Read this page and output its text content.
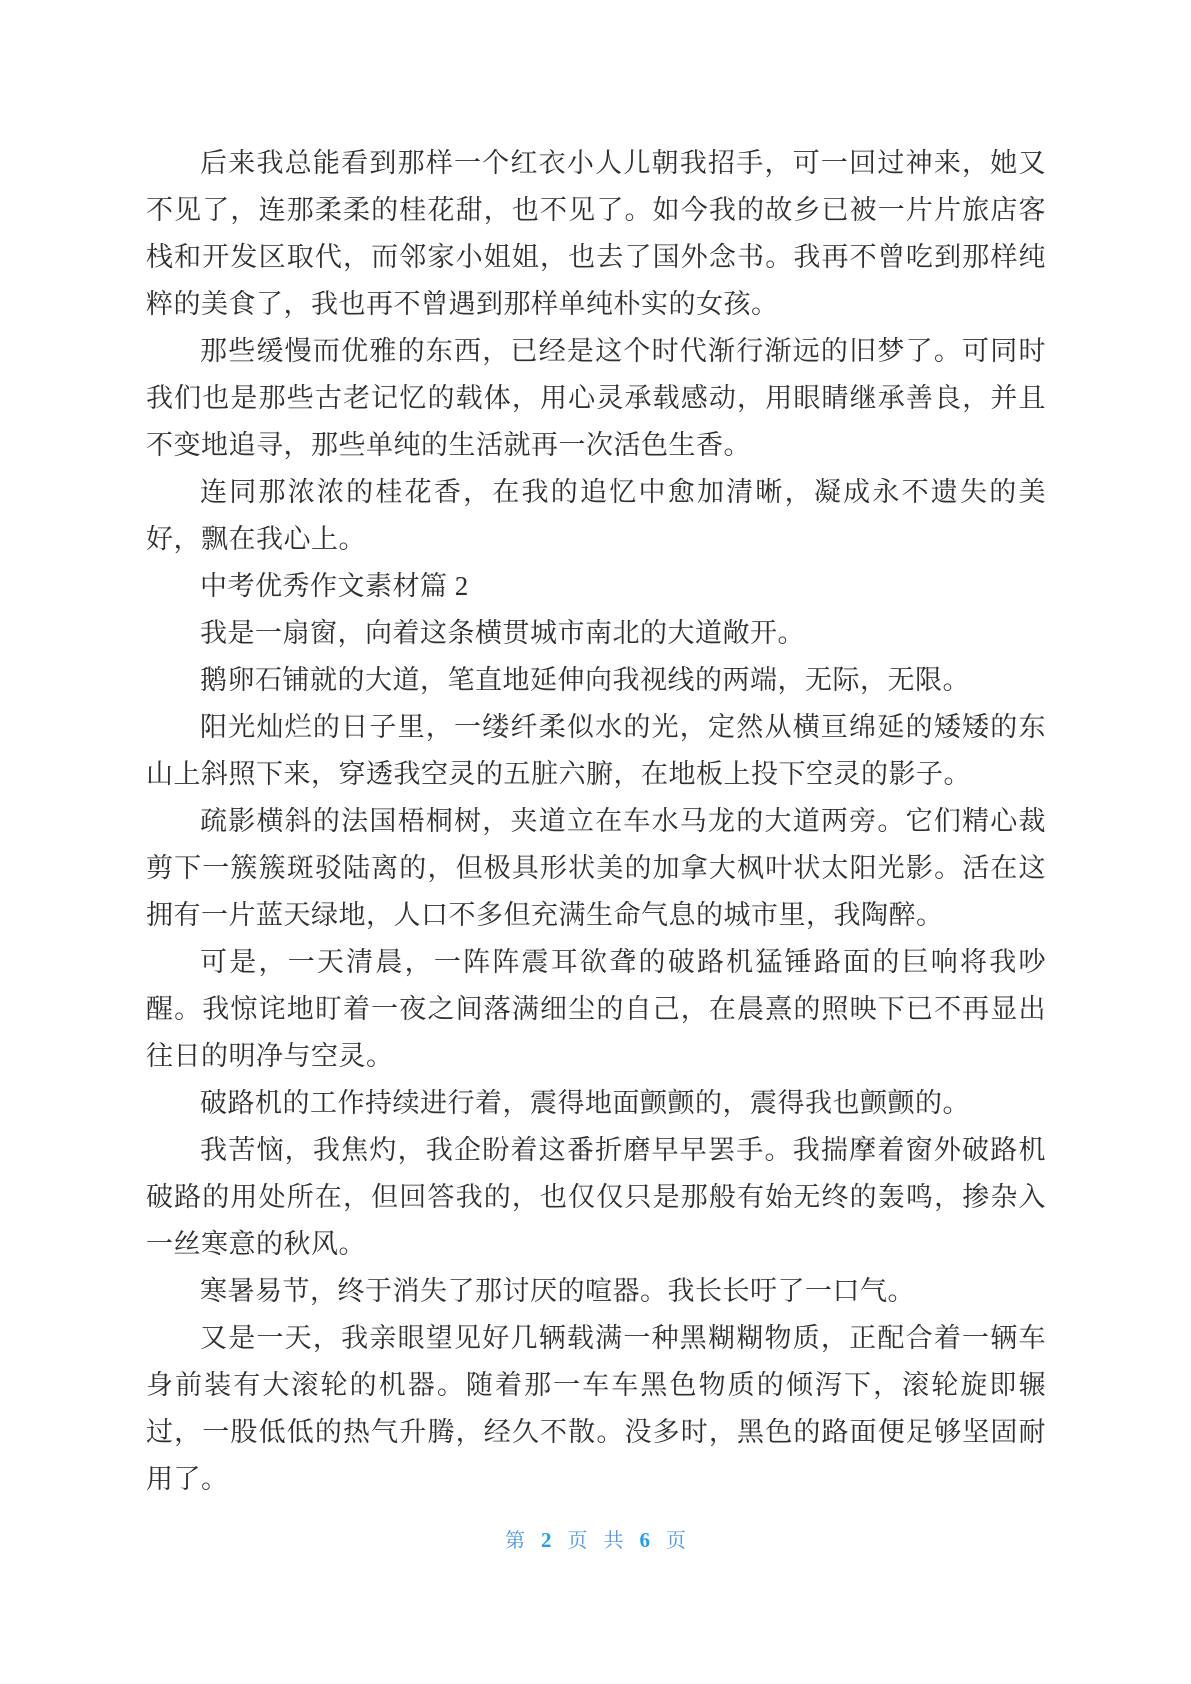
后来我总能看到那样一个红衣小人儿朝我招手，可一回过神来，她又不见了，连那柔柔的桂花甜，也不见了。如今我的故乡已被一片片旅店客栈和开发区取代，而邻家小姐姐，也去了国外念书。我再不曾吃到那样纯粹的美食了，我也再不曾遇到那样单纯朴实的女孩。

那些缓慢而优雅的东西，已经是这个时代渐行渐远的旧梦了。可同时我们也是那些古老记忆的载体，用心灵承载感动，用眼睛继承善良，并且不变地追寻，那些单纯的生活就再一次活色生香。

连同那浓浓的桂花香，在我的追忆中愈加清晰，凝成永不遗失的美好，飘在我心上。

中考优秀作文素材篇 2

我是一扇窗，向着这条横贯城市南北的大道敞开。

鹅卵石铺就的大道，笔直地延伸向我视线的两端，无际，无限。

阳光灿烂的日子里，一缕纤柔似水的光，定然从横亘绵延的矮矮的东山上斜照下来，穿透我空灵的五脏六腑，在地板上投下空灵的影子。

疏影横斜的法国梧桐树，夹道立在车水马龙的大道两旁。它们精心裁剪下一簇簇斑驳陆离的，但极具形状美的加拿大枫叶状太阳光影。活在这拥有一片蓝天绿地，人口不多但充满生命气息的城市里，我陶醉。

可是，一天清晨，一阵阵震耳欲聋的破路机猛锤路面的巨响将我吵醒。我惊诧地盯着一夜之间落满细尘的自己，在晨熹的照映下已不再显出往日的明净与空灵。

破路机的工作持续进行着，震得地面颤颤的，震得我也颤颤的。

我苦恼，我焦灼，我企盼着这番折磨早早罢手。我揣摩着窗外破路机破路的用处所在，但回答我的，也仅仅只是那般有始无终的轰鸣，掺杂入一丝寒意的秋风。

寒暑易节，终于消失了那讨厌的喧器。我长长吁了一口气。

又是一天，我亲眼望见好几辆载满一种黑糊糊物质，正配合着一辆车身前装有大滚轮的机器。随着那一车车黑色物质的倾泻下，滚轮旋即辗过，一股低低的热气升腾，经久不散。没多时，黑色的路面便足够坚固耐用了。

第 2 页 共 6 页
